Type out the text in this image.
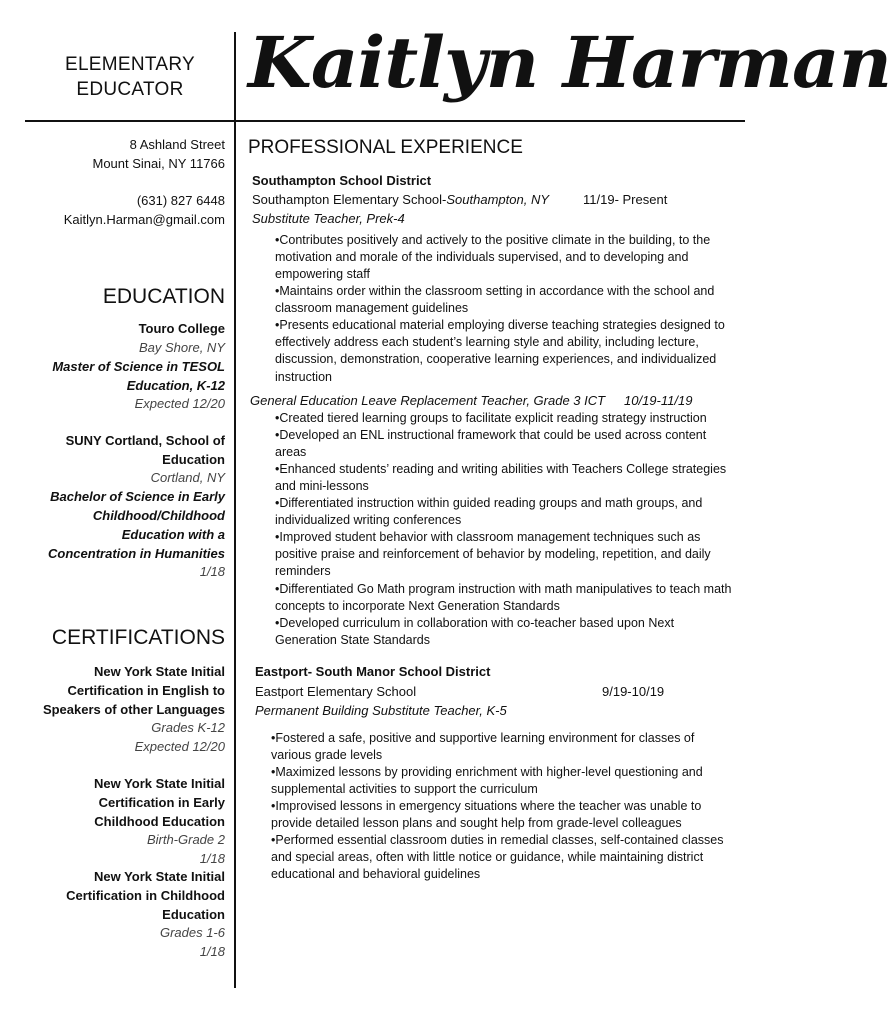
ELEMENTARY
EDUCATOR Kaitlyn Harman
8 Ashland Street
Mount Sinai, NY 11766
(631) 827 6448
Kaitlyn.Harman@gmail.com
EDUCATION
Touro College
Bay Shore, NY
Master of Science in TESOL Education, K-12
Expected 12/20
SUNY Cortland, School of Education
Cortland, NY
Bachelor of Science in Early Childhood/Childhood Education with a Concentration in Humanities
1/18
CERTIFICATIONS
New York State Initial Certification in English to Speakers of other Languages
Grades K-12
Expected 12/20
New York State Initial Certification in Early Childhood Education
Birth-Grade 2
1/18
New York State Initial Certification in Childhood Education
Grades 1-6
1/18
PROFESSIONAL EXPERIENCE
Southampton School District
Southampton Elementary School-Southampton, NY	11/19- Present
Substitute Teacher, Prek-4
•Contributes positively and actively to the positive climate in the building, to the motivation and morale of the individuals supervised, and to developing and empowering staff
•Maintains order within the classroom setting in accordance with the school and classroom management guidelines
•Presents educational material employing diverse teaching strategies designed to effectively address each student’s learning style and ability, including lecture, discussion, demonstration, cooperative learning experiences, and individualized instruction
General Education Leave Replacement Teacher, Grade 3 ICT 10/19-11/19
•Created tiered learning groups to facilitate explicit reading strategy instruction
•Developed an ENL instructional framework that could be used across content areas
•Enhanced students’ reading and writing abilities with Teachers College strategies and mini-lessons
•Differentiated instruction within guided reading groups and math groups, and individualized writing conferences
•Improved student behavior with classroom management techniques such as positive praise and reinforcement of behavior by modeling, repetition, and daily reminders
•Differentiated Go Math program instruction with math manipulatives to teach math concepts to incorporate Next Generation Standards
•Developed curriculum in collaboration with co-teacher based upon Next Generation State Standards
Eastport- South Manor School District
Eastport Elementary School	9/19-10/19
Permanent Building Substitute Teacher, K-5
•Fostered a safe, positive and supportive learning environment for classes of various grade levels
•Maximized lessons by providing enrichment with higher-level questioning and supplemental activities to support the curriculum
•Improvised lessons in emergency situations where the teacher was unable to provide detailed lesson plans and sought help from grade-level colleagues
•Performed essential classroom duties in remedial classes, self-contained classes and special areas, often with little notice or guidance, while maintaining district educational and behavioral guidelines
